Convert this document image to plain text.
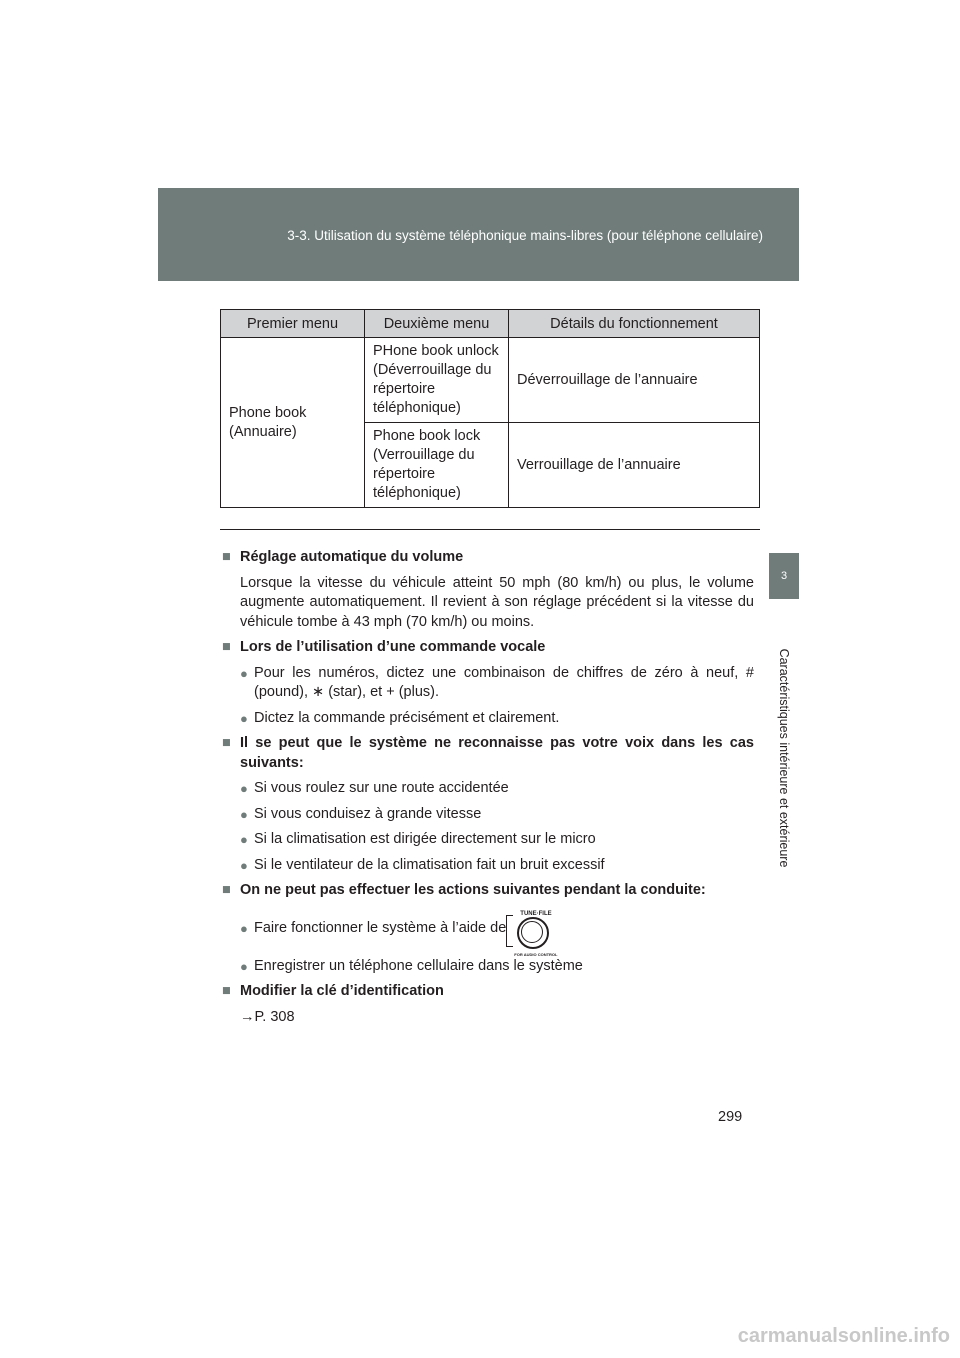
3-3. Utilisation du système téléphonique mains-libres (pour téléphone cellulaire)
3
Caractéristiques intérieure et extérieure
Premier menu	Deuxième menu	Détails du fonctionnement
Phone book
(Annuaire)	PHone book unlock (Déverrouillage du répertoire téléphonique)	Déverrouillage de l’annuaire
	Phone book lock (Verrouillage du répertoire téléphonique)	Verrouillage de l’annuaire
■ Réglage automatique du volume
Lorsque la vitesse du véhicule atteint 50 mph (80 km/h) ou plus, le volume augmente automatiquement. Il revient à son réglage précédent si la vitesse du véhicule tombe à 43 mph (70 km/h) ou moins.
■ Lors de l’utilisation d’une commande vocale
● Pour les numéros, dictez une combinaison de chiffres de zéro à neuf, # (pound), ∗ (star), et + (plus).
● Dictez la commande précisément et clairement.
■ Il se peut que le système ne reconnaisse pas votre voix dans les cas suivants:
● Si vous roulez sur une route accidentée
● Si vous conduisez à grande vitesse
● Si la climatisation est dirigée directement sur le micro
● Si le ventilateur de la climatisation fait un bruit excessif
■ On ne peut pas effectuer les actions suivantes pendant la conduite:
● Faire fonctionner le système à l’aide de
TUNE·FILE
FOR AUDIO CONTROL
● Enregistrer un téléphone cellulaire dans le système
■ Modifier la clé d’identification
→P. 308
299
carmanualsonline.info
